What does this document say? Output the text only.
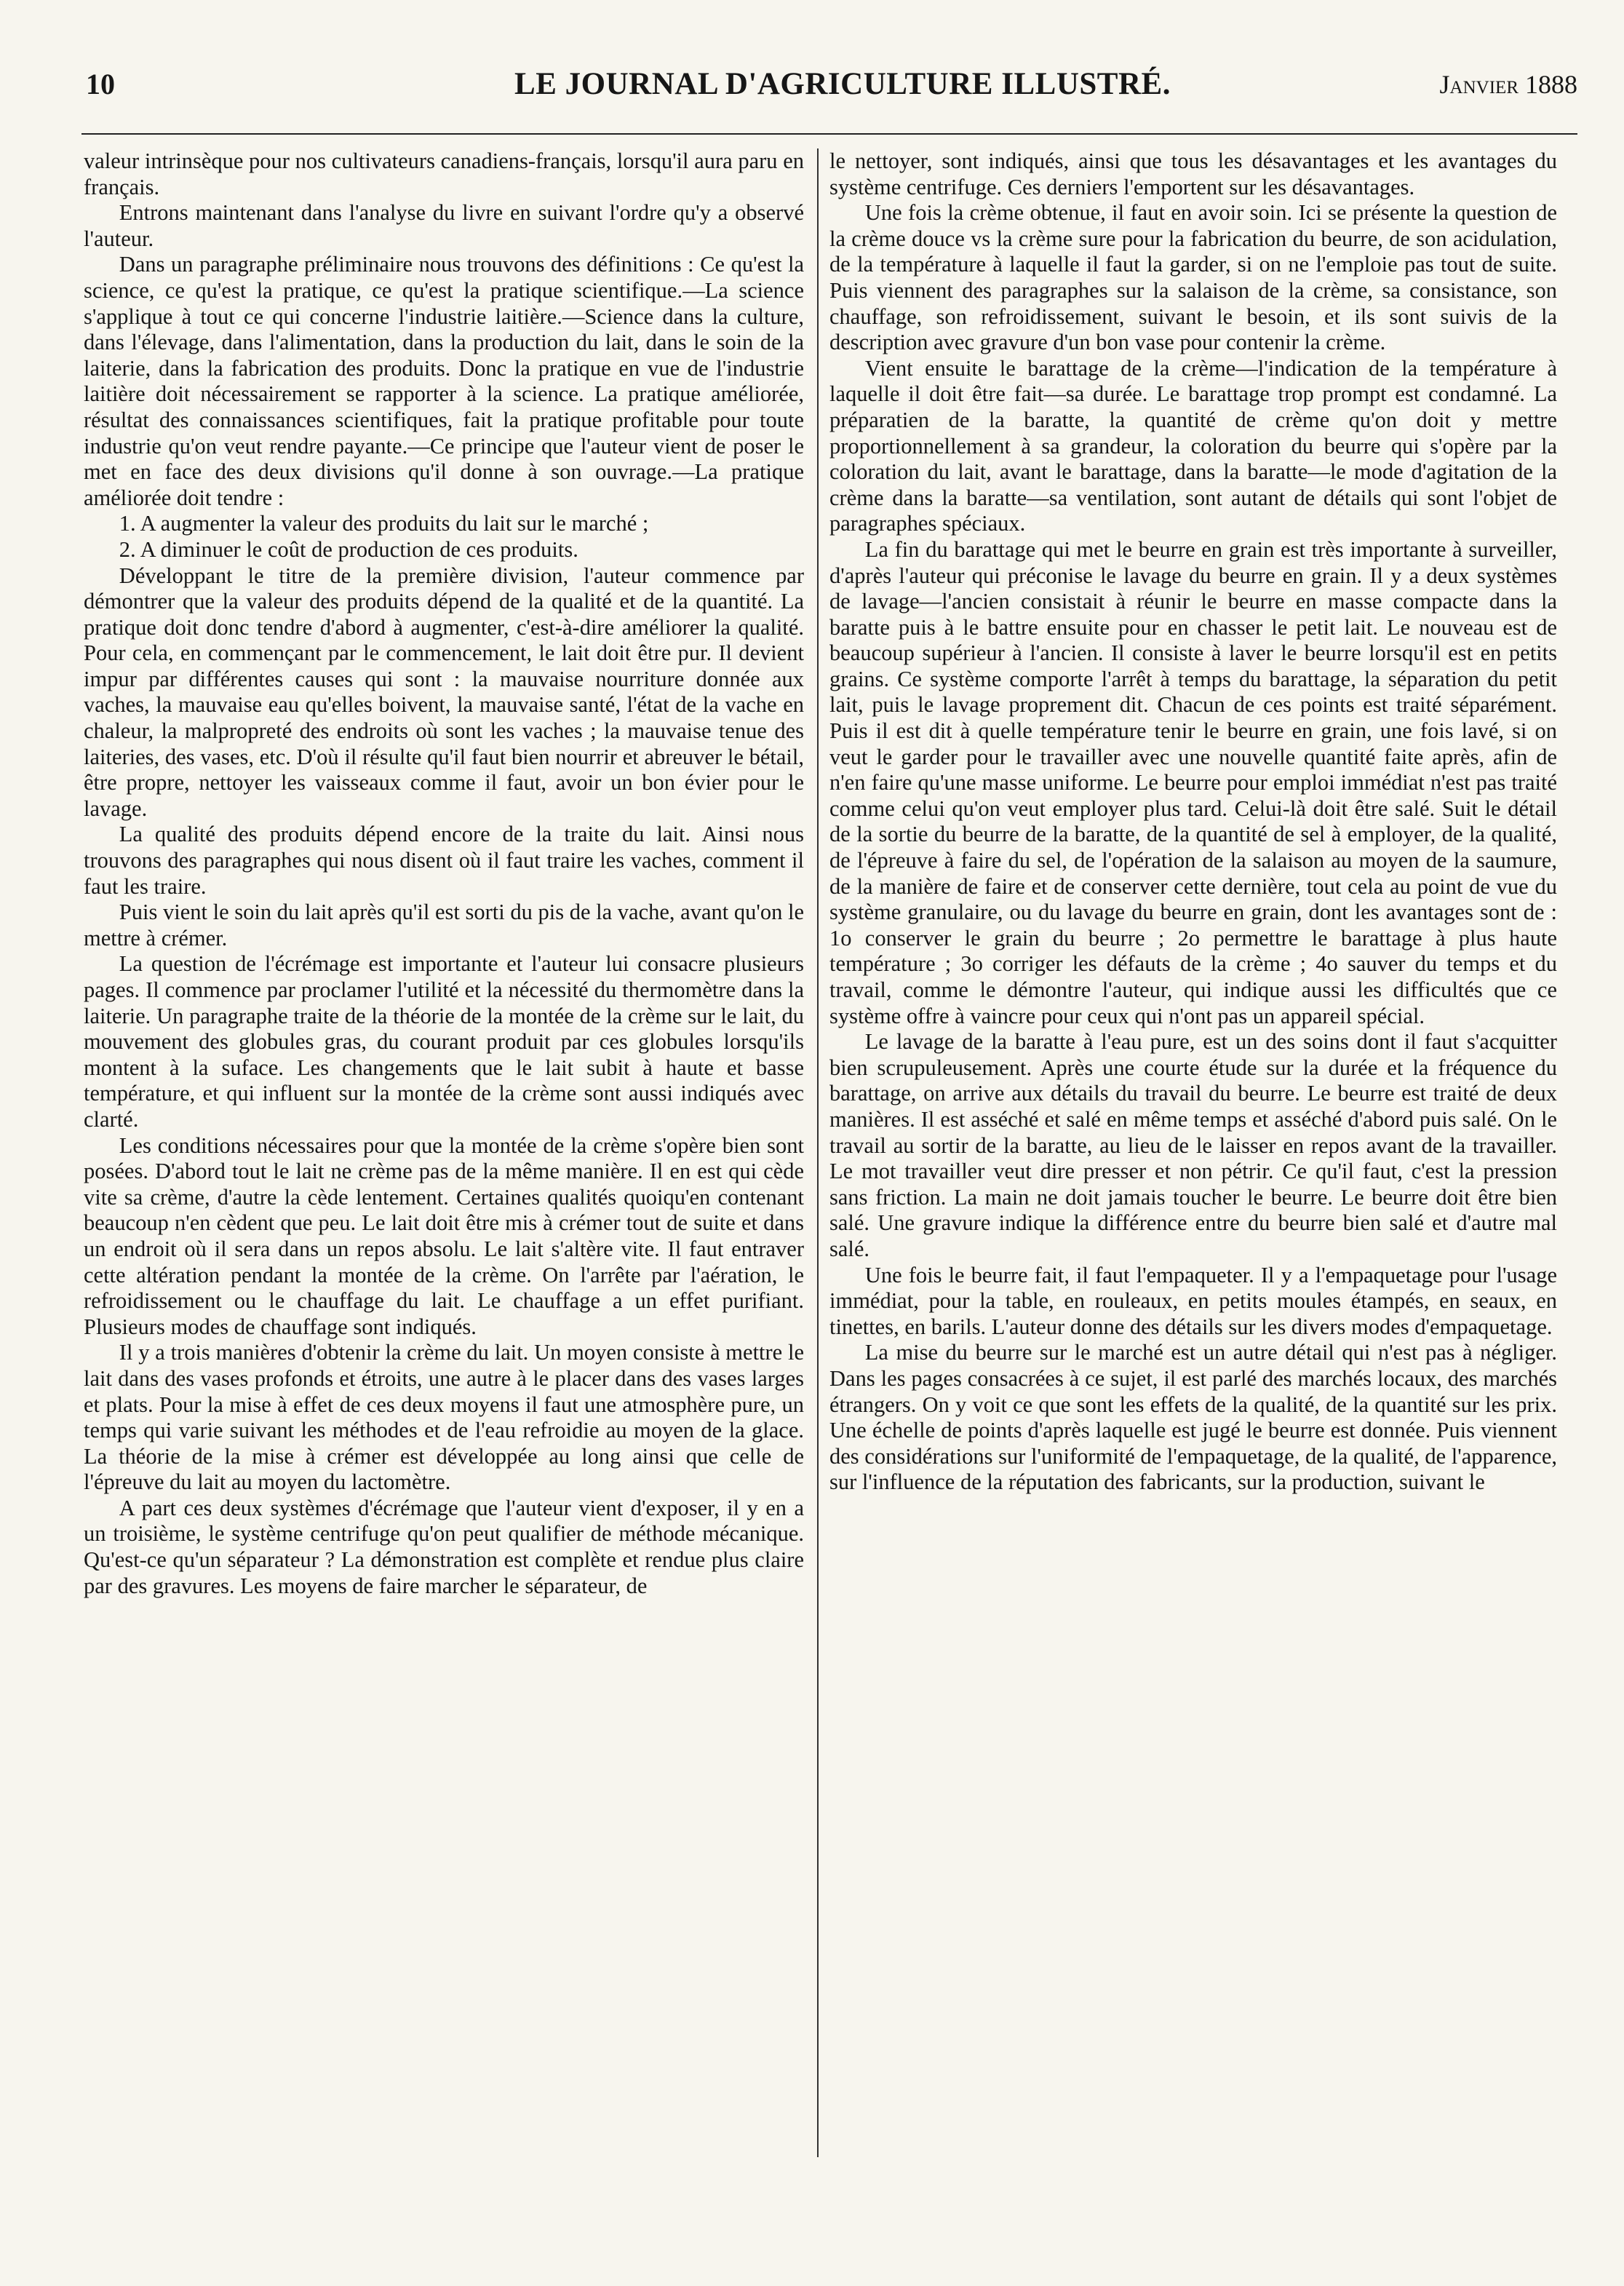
10	LE JOURNAL D'AGRICULTURE ILLUSTRÉ.	Janvier 1888

valeur intrinsèque pour nos cultivateurs canadiens-français, lorsqu'il aura paru en français.

Entrons maintenant dans l'analyse du livre en suivant l'ordre qu'y a observé l'auteur.

Dans un paragraphe préliminaire nous trouvons des définitions : Ce qu'est la science, ce qu'est la pratique, ce qu'est la pratique scientifique.—La science s'applique à tout ce qui concerne l'industrie laitière.—Science dans la culture, dans l'élevage, dans l'alimentation, dans la production du lait, dans le soin de la laiterie, dans la fabrication des produits. Donc la pratique en vue de l'industrie laitière doit nécessairement se rapporter à la science. La pratique améliorée, résultat des connaissances scientifiques, fait la pratique profitable pour toute industrie qu'on veut rendre payante.—Ce principe que l'auteur vient de poser le met en face des deux divisions qu'il donne à son ouvrage.—La pratique améliorée doit tendre :

1. A augmenter la valeur des produits du lait sur le marché ;

2. A diminuer le coût de production de ces produits.

Développant le titre de la première division, l'auteur commence par démontrer que la valeur des produits dépend de la qualité et de la quantité. La pratique doit donc tendre d'abord à augmenter, c'est-à-dire améliorer la qualité. Pour cela, en commençant par le commencement, le lait doit être pur. Il devient impur par différentes causes qui sont : la mauvaise nourriture donnée aux vaches, la mauvaise eau qu'elles boivent, la mauvaise santé, l'état de la vache en chaleur, la malpropreté des endroits où sont les vaches ; la mauvaise tenue des laiteries, des vases, etc. D'où il résulte qu'il faut bien nourrir et abreuver le bétail, être propre, nettoyer les vaisseaux comme il faut, avoir un bon évier pour le lavage.

La qualité des produits dépend encore de la traite du lait. Ainsi nous trouvons des paragraphes qui nous disent où il faut traire les vaches, comment il faut les traire.

Puis vient le soin du lait après qu'il est sorti du pis de la vache, avant qu'on le mettre à crémer.

La question de l'écrémage est importante et l'auteur lui consacre plusieurs pages. Il commence par proclamer l'utilité et la nécessité du thermomètre dans la laiterie. Un paragraphe traite de la théorie de la montée de la crème sur le lait, du mouvement des globules gras, du courant produit par ces globules lorsqu'ils montent à la suface. Les changements que le lait subit à haute et basse température, et qui influent sur la montée de la crème sont aussi indiqués avec clarté.

Les conditions nécessaires pour que la montée de la crème s'opère bien sont posées. D'abord tout le lait ne crème pas de la même manière. Il en est qui cède vite sa crème, d'autre la cède lentement. Certaines qualités quoiqu'en contenant beaucoup n'en cèdent que peu. Le lait doit être mis à crémer tout de suite et dans un endroit où il sera dans un repos absolu. Le lait s'altère vite. Il faut entraver cette altération pendant la montée de la crème. On l'arrête par l'aération, le refroidissement ou le chauffage du lait. Le chauffage a un effet purifiant. Plusieurs modes de chauffage sont indiqués.

Il y a trois manières d'obtenir la crème du lait. Un moyen consiste à mettre le lait dans des vases profonds et étroits, une autre à le placer dans des vases larges et plats. Pour la mise à effet de ces deux moyens il faut une atmosphère pure, un temps qui varie suivant les méthodes et de l'eau refroidie au moyen de la glace. La théorie de la mise à crémer est développée au long ainsi que celle de l'épreuve du lait au moyen du lactomètre.

A part ces deux systèmes d'écrémage que l'auteur vient d'exposer, il y en a un troisième, le système centrifuge qu'on peut qualifier de méthode mécanique. Qu'est-ce qu'un séparateur ? La démonstration est complète et rendue plus claire par des gravures. Les moyens de faire marcher le séparateur, de

le nettoyer, sont indiqués, ainsi que tous les désavantages et les avantages du système centrifuge. Ces derniers l'emportent sur les désavantages.

Une fois la crème obtenue, il faut en avoir soin. Ici se présente la question de la crème douce vs la crème sure pour la fabrication du beurre, de son acidulation, de la température à laquelle il faut la garder, si on ne l'emploie pas tout de suite. Puis viennent des paragraphes sur la salaison de la crème, sa consistance, son chauffage, son refroidissement, suivant le besoin, et ils sont suivis de la description avec gravure d'un bon vase pour contenir la crème.

Vient ensuite le barattage de la crème—l'indication de la température à laquelle il doit être fait—sa durée. Le barattage trop prompt est condamné. La préparatien de la baratte, la quantité de crème qu'on doit y mettre proportionnellement à sa grandeur, la coloration du beurre qui s'opère par la coloration du lait, avant le barattage, dans la baratte—le mode d'agitation de la crème dans la baratte—sa ventilation, sont autant de détails qui sont l'objet de paragraphes spéciaux.

La fin du barattage qui met le beurre en grain est très importante à surveiller, d'après l'auteur qui préconise le lavage du beurre en grain. Il y a deux systèmes de lavage—l'ancien consistait à réunir le beurre en masse compacte dans la baratte puis à le battre ensuite pour en chasser le petit lait. Le nouveau est de beaucoup supérieur à l'ancien. Il consiste à laver le beurre lorsqu'il est en petits grains. Ce système comporte l'arrêt à temps du barattage, la séparation du petit lait, puis le lavage proprement dit. Chacun de ces points est traité séparément. Puis il est dit à quelle température tenir le beurre en grain, une fois lavé, si on veut le garder pour le travailler avec une nouvelle quantité faite après, afin de n'en faire qu'une masse uniforme. Le beurre pour emploi immédiat n'est pas traité comme celui qu'on veut employer plus tard. Celui-là doit être salé. Suit le détail de la sortie du beurre de la baratte, de la quantité de sel à employer, de la qualité, de l'épreuve à faire du sel, de l'opération de la salaison au moyen de la saumure, de la manière de faire et de conserver cette dernière, tout cela au point de vue du système granulaire, ou du lavage du beurre en grain, dont les avantages sont de : 1o conserver le grain du beurre ; 2o permettre le barattage à plus haute température ; 3o corriger les défauts de la crème ; 4o sauver du temps et du travail, comme le démontre l'auteur, qui indique aussi les difficultés que ce système offre à vaincre pour ceux qui n'ont pas un appareil spécial.

Le lavage de la baratte à l'eau pure, est un des soins dont il faut s'acquitter bien scrupuleusement. Après une courte étude sur la durée et la fréquence du barattage, on arrive aux détails du travail du beurre. Le beurre est traité de deux manières. Il est asséché et salé en même temps et asséché d'abord puis salé. On le travail au sortir de la baratte, au lieu de le laisser en repos avant de la travailler. Le mot travailler veut dire presser et non pétrir. Ce qu'il faut, c'est la pression sans friction. La main ne doit jamais toucher le beurre. Le beurre doit être bien salé. Une gravure indique la différence entre du beurre bien salé et d'autre mal salé.

Une fois le beurre fait, il faut l'empaqueter. Il y a l'empaquetage pour l'usage immédiat, pour la table, en rouleaux, en petits moules étampés, en seaux, en tinettes, en barils. L'auteur donne des détails sur les divers modes d'empaquetage.

La mise du beurre sur le marché est un autre détail qui n'est pas à négliger. Dans les pages consacrées à ce sujet, il est parlé des marchés locaux, des marchés étrangers. On y voit ce que sont les effets de la qualité, de la quantité sur les prix. Une échelle de points d'après laquelle est jugé le beurre est donnée. Puis viennent des considérations sur l'uniformité de l'empaquetage, de la qualité, de l'apparence, sur l'influence de la réputation des fabricants, sur la production, suivant le
